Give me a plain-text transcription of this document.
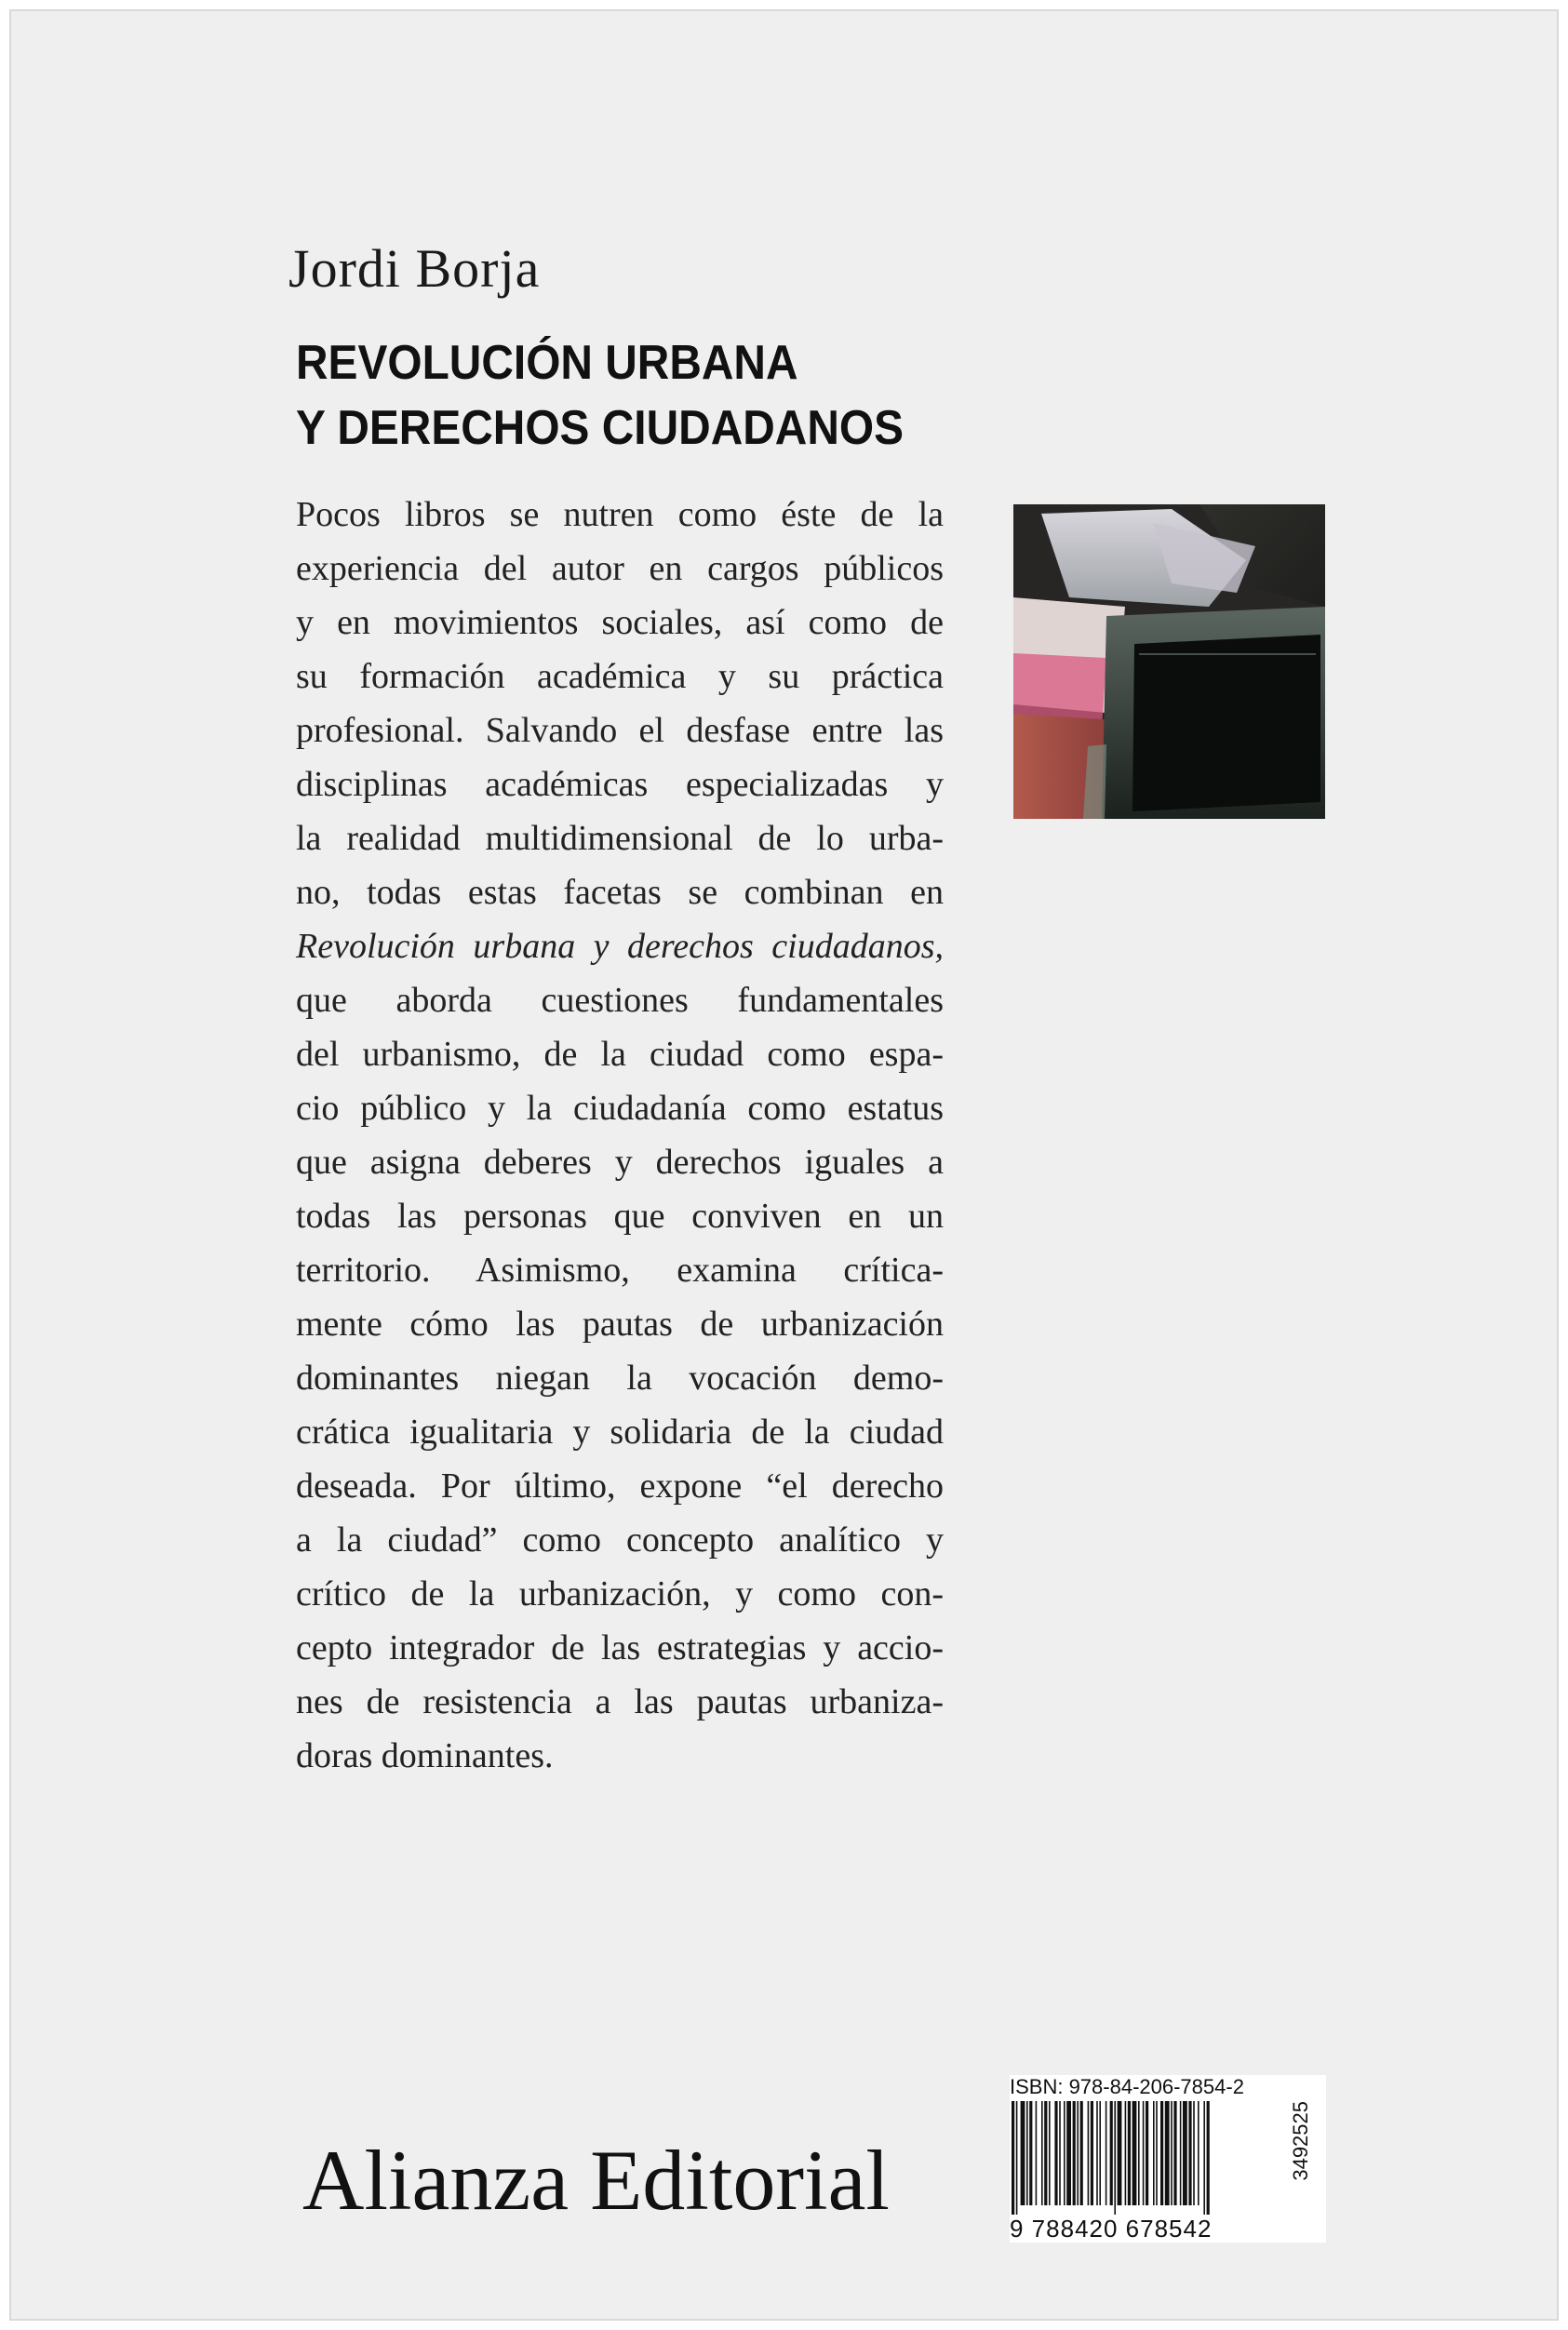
Jordi Borja
REVOLUCIÓN URBANA
Y DERECHOS CIUDADANOS
Pocos libros se nutren como éste de la
experiencia del autor en cargos públicos
y en movimientos sociales, así como de
su formación académica y su práctica
profesional. Salvando el desfase entre las
disciplinas académicas especializadas y
la realidad multidimensional de lo urba-
no, todas estas facetas se combinan en
Revolución urbana y derechos ciudadanos,
que aborda cuestiones fundamentales
del urbanismo, de la ciudad como espa-
cio público y la ciudadanía como estatus
que asigna deberes y derechos iguales a
todas las personas que conviven en un
territorio. Asimismo, examina crítica-
mente cómo las pautas de urbanización
dominantes niegan la vocación demo-
crática igualitaria y solidaria de la ciudad
deseada. Por último, expone “el derecho
a la ciudad” como concepto analítico y
crítico de la urbanización, y como con-
cepto integrador de las estrategias y accio-
nes de resistencia a las pautas urbaniza-
doras dominantes.
Alianza Editorial
ISBN: 978-84-206-7854-2
3492525
9 788420 678542
